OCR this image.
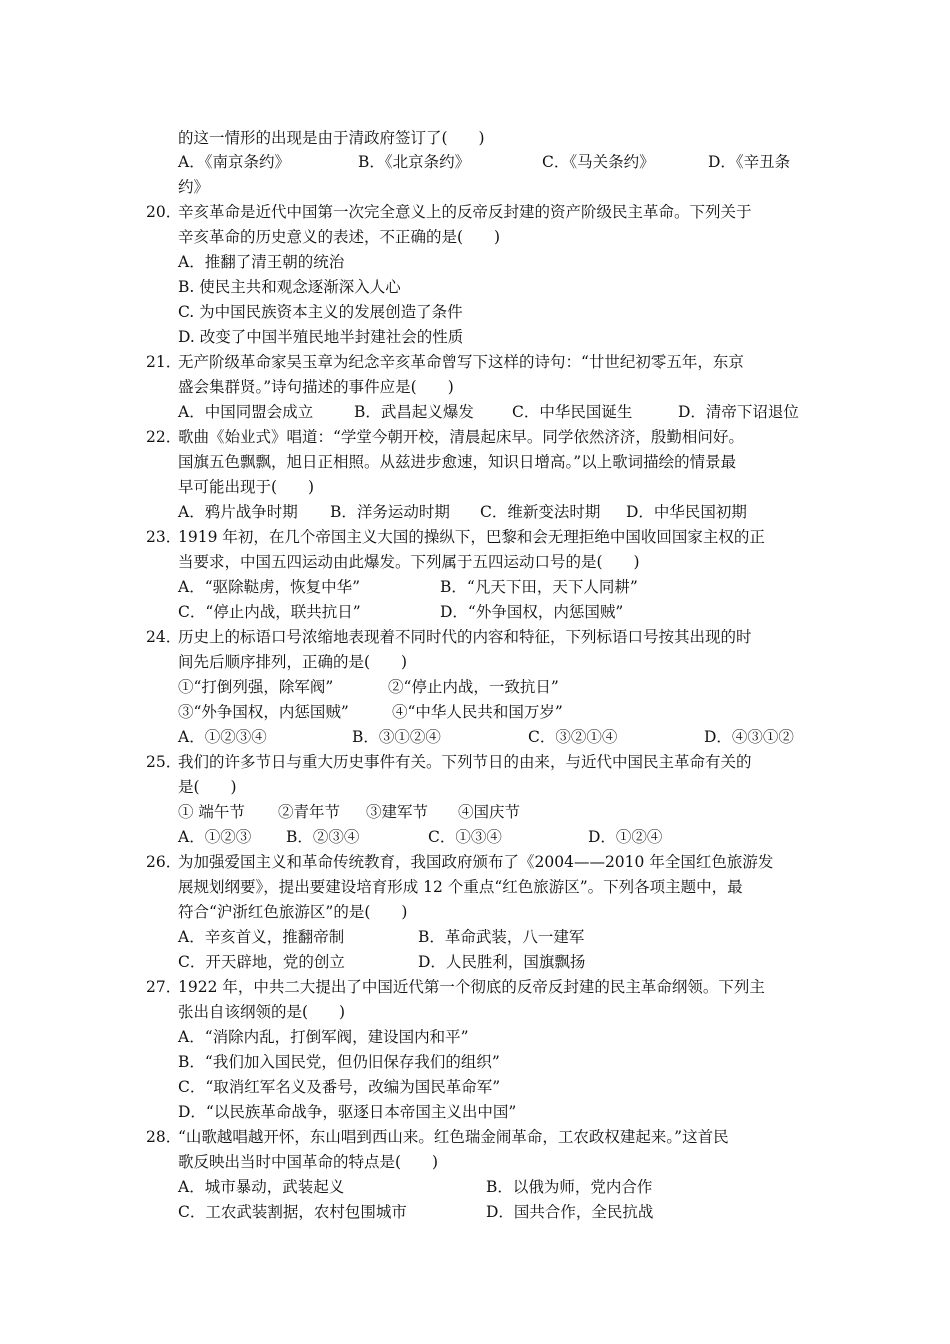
的这一情形的出现是由于清政府签订了(　　)
A．《南京条约》	B．《北京条约》	C．《马关条约》	D．《辛丑条
约》
20．
辛亥革命是近代中国第一次完全意义上的反帝反封建的资产阶级民主革命。下列关于
辛亥革命的历史意义的表述，不正确的是(　　)
A．推翻了清王朝的统治
B. 使民主共和观念逐渐深入人心
C. 为中国民族资本主义的发展创造了条件
D. 改变了中国半殖民地半封建社会的性质
21．
无产阶级革命家吴玉章为纪念辛亥革命曾写下这样的诗句：“廿世纪初零五年，东京
盛会集群贤。”诗句描述的事件应是(　　)
A．中国同盟会成立	B．武昌起义爆发 C．中华民国诞生	D．清帝下诏退位
22．
歌曲《始业式》唱道：“学堂今朝开校，清晨起床早。同学依然济济，殷勤相问好。
国旗五色飘飘，旭日正相照。从兹进步愈速，知识日增高。”以上歌词描绘的情景最
早可能出现于(　　)
A．鸦片战争时期 B．洋务运动时期 C．维新变法时期 D．中华民国初期
23．
1919 年初，在几个帝国主义大国的操纵下，巴黎和会无理拒绝中国收回国家主权的正
当要求，中国五四运动由此爆发。下列属于五四运动口号的是(　　)
A．“驱除鞑虏，恢复中华”	B．“凡天下田，天下人同耕”
C．“停止内战，联共抗日”	D．“外争国权，内惩国贼”
24．
历史上的标语口号浓缩地表现着不同时代的内容和特征，下列标语口号按其出现的时
间先后顺序排列，正确的是(　　)
①“打倒列强，除军阀”	②“停止内战，一致抗日”
③“外争国权，内惩国贼”	④“中华人民共和国万岁”
A．①②③④	B．③①②④	C．③②①④	D．④③①②
25．
我们的许多节日与重大历史事件有关。下列节日的由来，与近代中国民主革命有关的
是(　　)
① 端午节 ②青年节 ③建军节 ④国庆节
A．①②③ B．②③④	C．①③④	D．①②④
26．
为加强爱国主义和革命传统教育，我国政府颁布了《2004——2010 年全国红色旅游发
展规划纲要》，提出要建设培育形成 12 个重点“红色旅游区”。下列各项主题中，最
符合“沪浙红色旅游区”的是(　　)
A．辛亥首义，推翻帝制	B．革命武装，八一建军
C．开天辟地，党的创立	D．人民胜利，国旗飘扬
27．
1922 年，中共二大提出了中国近代第一个彻底的反帝反封建的民主革命纲领。下列主
张出自该纲领的是(　　)
A．“消除内乱，打倒军阀，建设国内和平”
B．“我们加入国民党，但仍旧保存我们的组织”
C．“取消红军名义及番号，改编为国民革命军”
D．“以民族革命战争，驱逐日本帝国主义出中国”
28．
“山歌越唱越开怀，东山唱到西山来。红色瑞金闹革命，工农政权建起来。”这首民
歌反映出当时中国革命的特点是(　　)
A．城市暴动，武装起义	B．以俄为师，党内合作
C．工农武装割据，农村包围城市	D．国共合作，全民抗战
